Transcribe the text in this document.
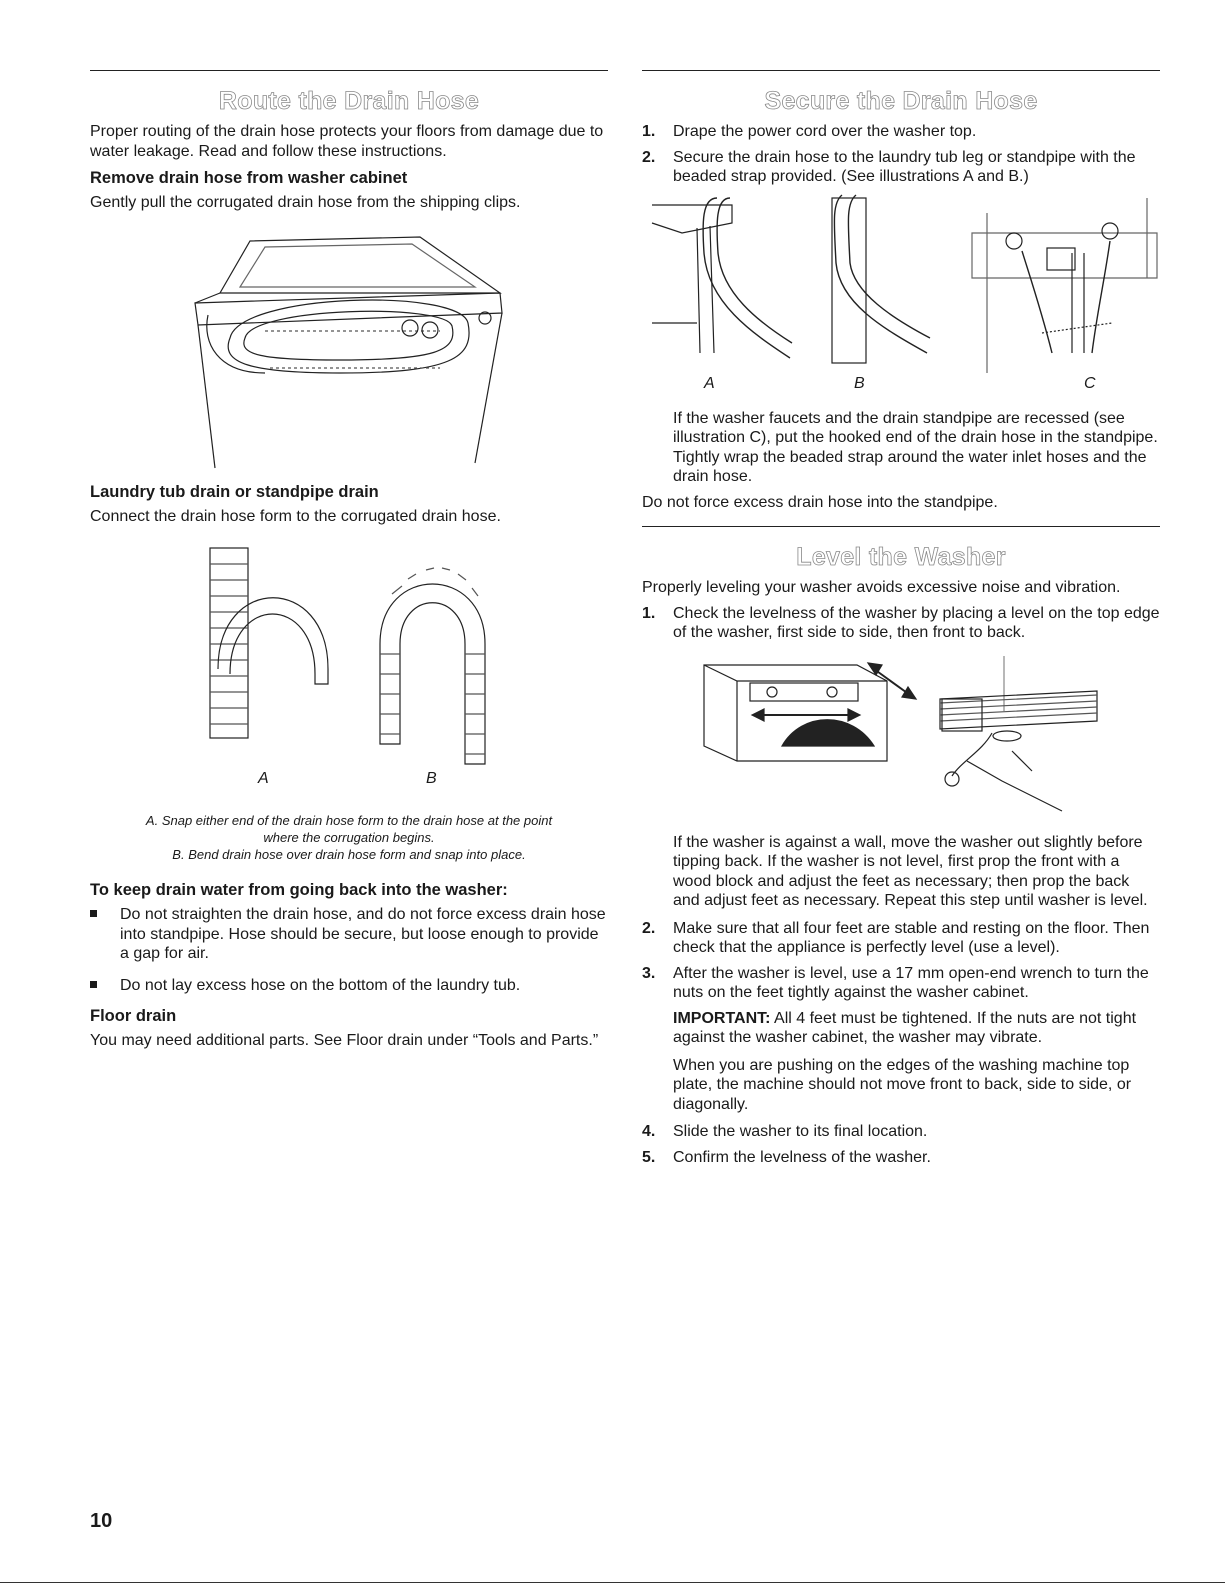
Route the Drain Hose

Proper routing of the drain hose protects your floors from damage due to water leakage. Read and follow these instructions.

Remove drain hose from washer cabinet

Gently pull the corrugated drain hose from the shipping clips.

Laundry tub drain or standpipe drain

Connect the drain hose form to the corrugated drain hose.

A	B

A. Snap either end of the drain hose form to the drain hose at the point where the corrugation begins.

B. Bend drain hose over drain hose form and snap into place.

To keep drain water from going back into the washer:
Do not straighten the drain hose, and do not force excess drain hose into standpipe. Hose should be secure, but loose enough to provide a gap for air.
Do not lay excess hose on the bottom of the laundry tub.
Floor drain

You may need additional parts. See Floor drain under “Tools and Parts.”

Secure the Drain Hose
1. Drape the power cord over the washer top.
2. Secure the drain hose to the laundry tub leg or standpipe with the beaded strap provided. (See illustrations A and B.)
A	B	C

If the washer faucets and the drain standpipe are recessed (see illustration C), put the hooked end of the drain hose in the standpipe. Tightly wrap the beaded strap around the water inlet hoses and the drain hose.

Do not force excess drain hose into the standpipe.

Level the Washer

Properly leveling your washer avoids excessive noise and vibration.

1. Check the levelness of the washer by placing a level on the top edge of the washer, first side to side, then front to back.

If the washer is against a wall, move the washer out slightly before tipping back. If the washer is not level, first prop the front with a wood block and adjust the feet as necessary; then prop the back and adjust feet as necessary. Repeat this step until washer is level.

2. Make sure that all four feet are stable and resting on the floor. Then check that the appliance is perfectly level (use a level).
3. After the washer is level, use a 17 mm open-end wrench to turn the nuts on the feet tightly against the washer cabinet.

IMPORTANT: All 4 feet must be tightened. If the nuts are not tight against the washer cabinet, the washer may vibrate.

When you are pushing on the edges of the washing machine top plate, the machine should not move front to back, side to side, or diagonally.

4. Slide the washer to its final location.
5. Confirm the levelness of the washer.
10
